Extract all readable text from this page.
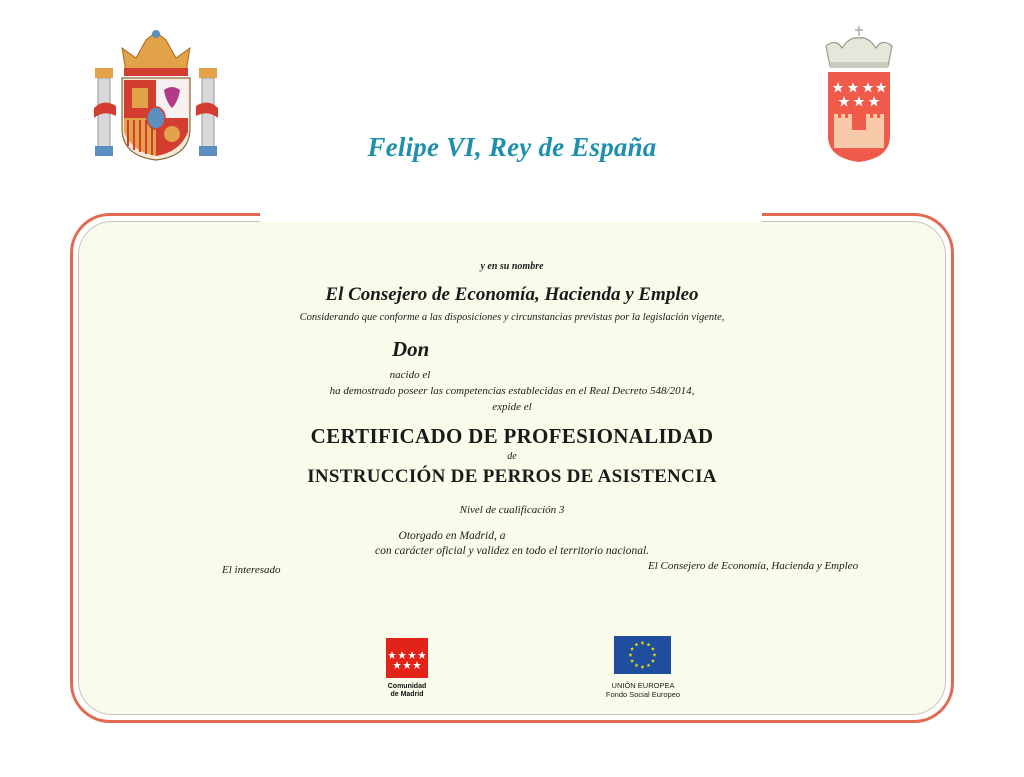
Felipe VI, Rey de España
y en su nombre
El Consejero de Economía, Hacienda y Empleo
Considerando que conforme a las disposiciones y circunstancias previstas por la legislación vigente,
Don
nacido el
ha demostrado poseer las competencias establecidas en el Real Decreto 548/2014,
expide el
CERTIFICADO DE PROFESIONALIDAD
de
INSTRUCCIÓN DE PERROS DE ASISTENCIA
Nivel de cualificación 3
Otorgado en Madrid, a
con carácter oficial y validez en todo el territorio nacional.
El interesado	El Consejero de Economía, Hacienda y Empleo
Comunidad
de Madrid
UNIÓN EUROPEA
Fondo Social Europeo
